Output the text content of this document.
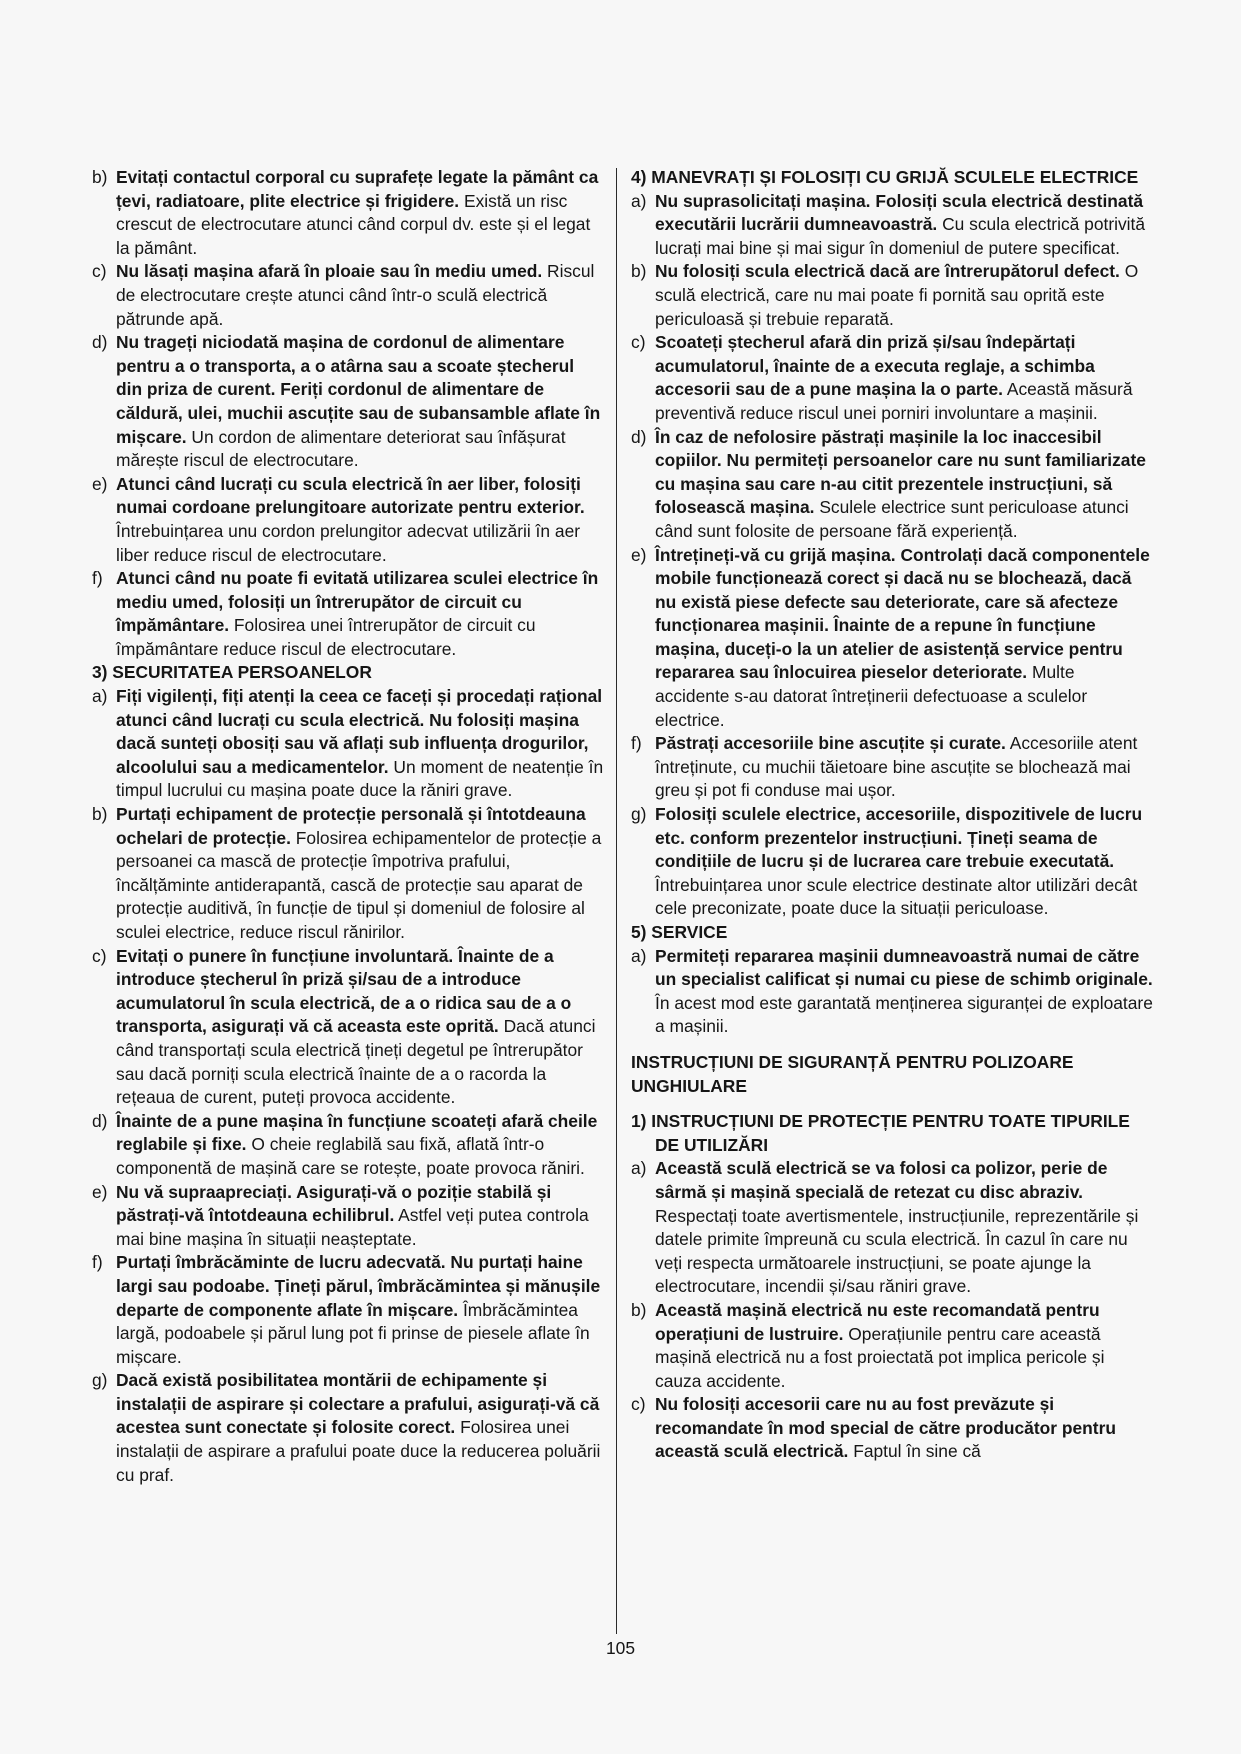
b) Evitați contactul corporal cu suprafețe legate la pământ ca țevi, radiatoare, plite electrice și frigidere. Există un risc crescut de electrocutare atunci când corpul dv. este și el legat la pământ.
c) Nu lăsați mașina afară în ploaie sau în mediu umed. Riscul de electrocutare crește atunci când într-o sculă electrică pătrunde apă.
d) Nu trageți niciodată mașina de cordonul de alimentare pentru a o transporta, a o atârna sau a scoate ștecherul din priza de curent. Feriți cordonul de alimentare de căldură, ulei, muchii ascuțite sau de subansamble aflate în mișcare. Un cordon de alimentare deteriorat sau înfășurat mărește riscul de electrocutare.
e) Atunci când lucrați cu scula electrică în aer liber, folosiți numai cordoane prelungitoare autorizate pentru exterior. Întrebuințarea unu cordon prelungitor adecvat utilizării în aer liber reduce riscul de electrocutare.
f) Atunci când nu poate fi evitată utilizarea sculei electrice în mediu umed, folosiți un întrerupător de circuit cu împământare. Folosirea unei întrerupător de circuit cu împământare reduce riscul de electrocutare.
3) SECURITATEA PERSOANELOR
a) Fiți vigilenți, fiți atenți la ceea ce faceți și procedați rațional atunci când lucrați cu scula electrică. Nu folosiți mașina dacă sunteți obosiți sau vă aflați sub influența drogurilor, alcoolului sau a medicamentelor. Un moment de neatenție în timpul lucrului cu mașina poate duce la răniri grave.
b) Purtați echipament de protecție personală și întotdeauna ochelari de protecție. Folosirea echipamentelor de protecție a persoanei ca mască de protecție împotriva prafului, încălțăminte antiderapantă, cască de protecție sau aparat de protecție auditivă, în funcție de tipul și domeniul de folosire al sculei electrice, reduce riscul rănirilor.
c) Evitați o punere în funcțiune involuntară. Înainte de a introduce ștecherul în priză și/sau de a introduce acumulatorul în scula electrică, de a o ridica sau de a o transporta, asigurați vă că aceasta este oprită. Dacă atunci când transportați scula electrică țineți degetul pe întrerupător sau dacă porniți scula electrică înainte de a o racorda la rețeaua de curent, puteți provoca accidente.
d) Înainte de a pune mașina în funcțiune scoateți afară cheile reglabile și fixe. O cheie reglabilă sau fixă, aflată într-o componentă de mașină care se rotește, poate provoca răniri.
e) Nu vă supraapreciați. Asigurați-vă o poziție stabilă și păstrați-vă întotdeauna echilibrul. Astfel veți putea controla mai bine mașina în situații neașteptate.
f) Purtați îmbrăcăminte de lucru adecvată. Nu purtați haine largi sau podoabe. Țineți părul, îmbrăcămintea și mănușile departe de componente aflate în mișcare. Îmbrăcămintea largă, podoabele și părul lung pot fi prinse de piesele aflate în mișcare.
g) Dacă există posibilitatea montării de echipamente și instalații de aspirare și colectare a prafului, asigurați-vă că acestea sunt conectate și folosite corect. Folosirea unei instalații de aspirare a prafului poate duce la reducerea poluării cu praf.
4) MANEVRAȚI ȘI FOLOSIȚI CU GRIJĂ SCULELE ELECTRICE
a) Nu suprasolicitați mașina. Folosiți scula electrică destinată executării lucrării dumneavoastră. Cu scula electrică potrivită lucrați mai bine și mai sigur în domeniul de putere specificat.
b) Nu folosiți scula electrică dacă are întrerupătorul defect. O sculă electrică, care nu mai poate fi pornită sau oprită este periculoasă și trebuie reparată.
c) Scoateți ștecherul afară din priză și/sau îndepărtați acumulatorul, înainte de a executa reglaje, a schimba accesorii sau de a pune mașina la o parte. Această măsură preventivă reduce riscul unei porniri involuntare a mașinii.
d) În caz de nefolosire păstrați mașinile la loc inaccesibil copiilor. Nu permiteți persoanelor care nu sunt familiarizate cu mașina sau care n-au citit prezentele instrucțiuni, să folosească mașina. Sculele electrice sunt periculoase atunci când sunt folosite de persoane fără experiență.
e) Întrețineți-vă cu grijă mașina. Controlați dacă componentele mobile funcționează corect și dacă nu se blochează, dacă nu există piese defecte sau deteriorate, care să afecteze funcționarea mașinii. Înainte de a repune în funcțiune mașina, duceți-o la un atelier de asistență service pentru repararea sau înlocuirea pieselor deteriorate. Multe accidente s-au datorat întreținerii defectuoase a sculelor electrice.
f) Păstrați accesoriile bine ascuțite și curate. Accesoriile atent întreținute, cu muchii tăietoare bine ascuțite se blochează mai greu și pot fi conduse mai ușor.
g) Folosiți sculele electrice, accesoriile, dispozitivele de lucru etc. conform prezentelor instrucțiuni. Țineți seama de condițiile de lucru și de lucrarea care trebuie executată. Întrebuințarea unor scule electrice destinate altor utilizări decât cele preconizate, poate duce la situații periculoase.
5) SERVICE
a) Permiteți repararea mașinii dumneavoastră numai de către un specialist calificat și numai cu piese de schimb originale. În acest mod este garantată menținerea siguranței de exploatare a mașinii.
INSTRUCȚIUNI DE SIGURANȚĂ PENTRU POLIZOARE UNGHIULARE
1) INSTRUCȚIUNI DE PROTECȚIE PENTRU TOATE TIPURILE DE UTILIZĂRI
a) Această sculă electrică se va folosi ca polizor, perie de sârmă și mașină specială de retezat cu disc abraziv. Respectați toate avertismentele, instrucțiunile, reprezentările și datele primite împreună cu scula electrică. În cazul în care nu veți respecta următoarele instrucțiuni, se poate ajunge la electrocutare, incendii și/sau răniri grave.
b) Această mașină electrică nu este recomandată pentru operațiuni de lustruire. Operațiunile pentru care această mașină electrică nu a fost proiectată pot implica pericole și cauza accidente.
c) Nu folosiți accesorii care nu au fost prevăzute și recomandate în mod special de către producător pentru această sculă electrică. Faptul în sine că
105
